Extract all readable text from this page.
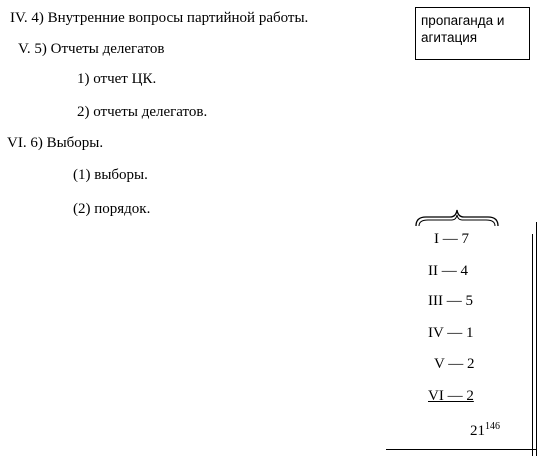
IV. 4) Внутренние вопросы партийной работы.
V. 5) Отчеты делегатов
1) отчет ЦК.
2) отчеты делегатов.
VI. 6) Выборы.
(1) выборы.
(2) порядок.
пропаганда и агитация
I — 7
II — 4
III — 5
IV — 1
V — 2
VI — 2
$21^{146}$
